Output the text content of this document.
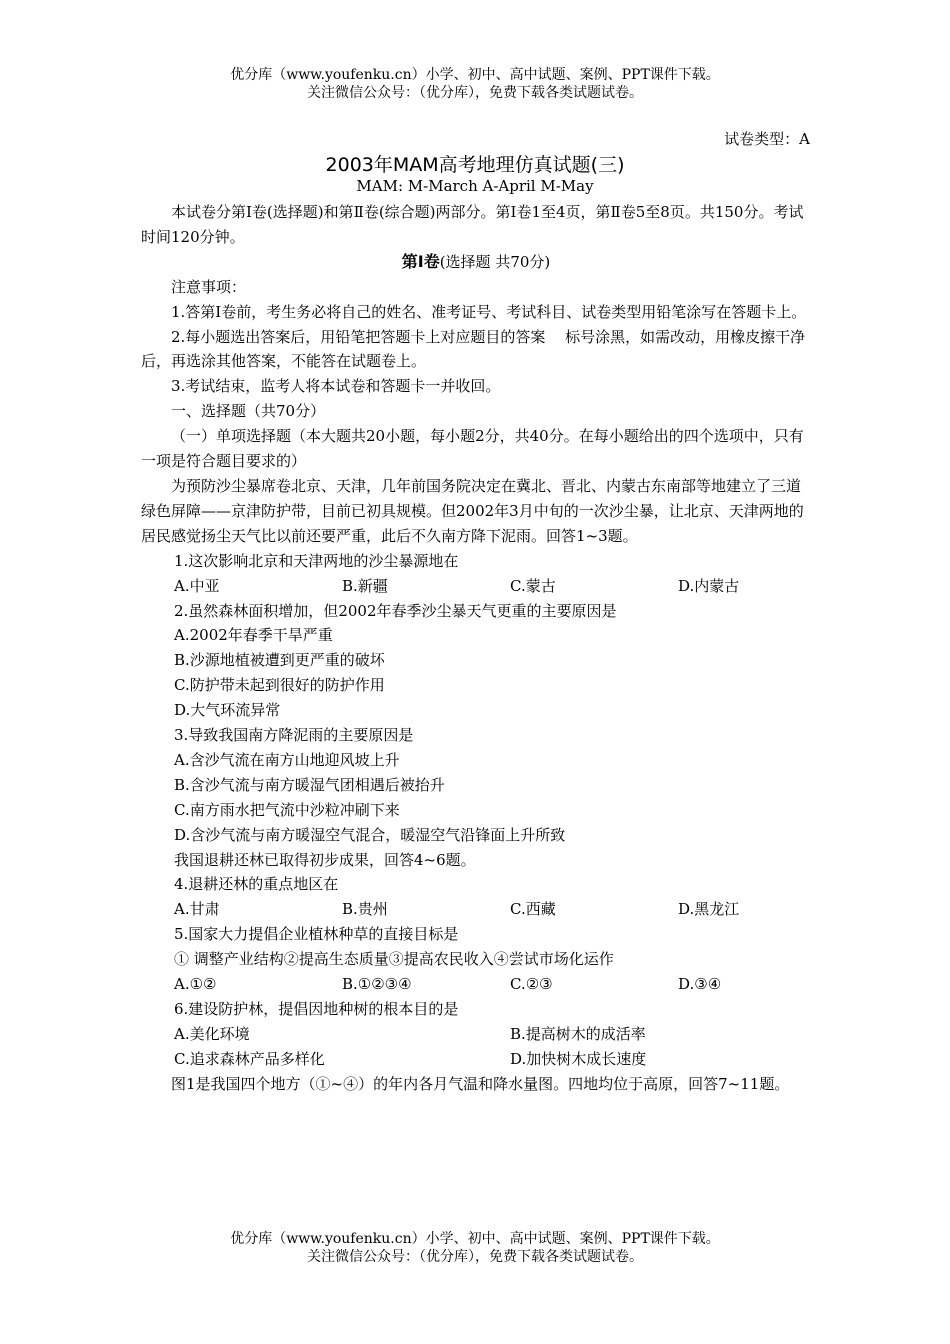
优分库（www.youfenku.cn）小学、初中、高中试题、案例、PPT课件下载。
关注微信公众号：（优分库），免费下载各类试题试卷。
试卷类型：A
2003年MAM高考地理仿真试题(三)
MAM: M-March A-April M-May

本试卷分第Ⅰ卷(选择题)和第Ⅱ卷(综合题)两部分。第Ⅰ卷1至4页，第Ⅱ卷5至8页。共150分。考试时间120分钟。

第Ⅰ卷(选择题 共70分)

注意事项：

1.答第Ⅰ卷前，考生务必将自己的姓名、准考证号、考试科目、试卷类型用铅笔涂写在答题卡上。

2.每小题选出答案后，用铅笔把答题卡上对应题目的答案　 标号涂黑，如需改动，用橡皮擦干净后，再选涂其他答案，不能答在试题卷上。

3.考试结束，监考人将本试卷和答题卡一并收回。

一、选择题（共70分）

（一）单项选择题（本大题共20小题，每小题2分，共40分。在每小题给出的四个选项中，只有一项是符合题目要求的）

为预防沙尘暴席卷北京、天津，几年前国务院决定在冀北、晋北、内蒙古东南部等地建立了三道绿色屏障——京津防护带，目前已初具规模。但2002年3月中旬的一次沙尘暴，让北京、天津两地的居民感觉扬尘天气比以前还要严重，此后不久南方降下泥雨。回答1~3题。

1.这次影响北京和天津两地的沙尘暴源地在

A.中亚	B.新疆	C.蒙古	D.内蒙古

2.虽然森林面积增加，但2002年春季沙尘暴天气更重的主要原因是

A.2002年春季干旱严重

B.沙源地植被遭到更严重的破坏

C.防护带未起到很好的防护作用

D.大气环流异常

3.导致我国南方降泥雨的主要原因是

A.含沙气流在南方山地迎风坡上升

B.含沙气流与南方暖湿气团相遇后被抬升

C.南方雨水把气流中沙粒冲刷下来

D.含沙气流与南方暖湿空气混合，暖湿空气沿锋面上升所致

我国退耕还林已取得初步成果，回答4~6题。

4.退耕还林的重点地区在

A.甘肃	B.贵州	C.西藏	D.黑龙江

5.国家大力提倡企业植林种草的直接目标是

① 调整产业结构②提高生态质量③提高农民收入④尝试市场化运作

A.①②	B.①②③④	C.②③	D.③④

6.建设防护林，提倡因地种树的根本目的是

A.美化环境	B.提高树木的成活率
C.追求森林产品多样化	D.加快树木成长速度

图1是我国四个地方（①~④）的年内各月气温和降水量图。四地均位于高原，回答7~11题。

优分库（www.youfenku.cn）小学、初中、高中试题、案例、PPT课件下载。
关注微信公众号：（优分库），免费下载各类试题试卷。
